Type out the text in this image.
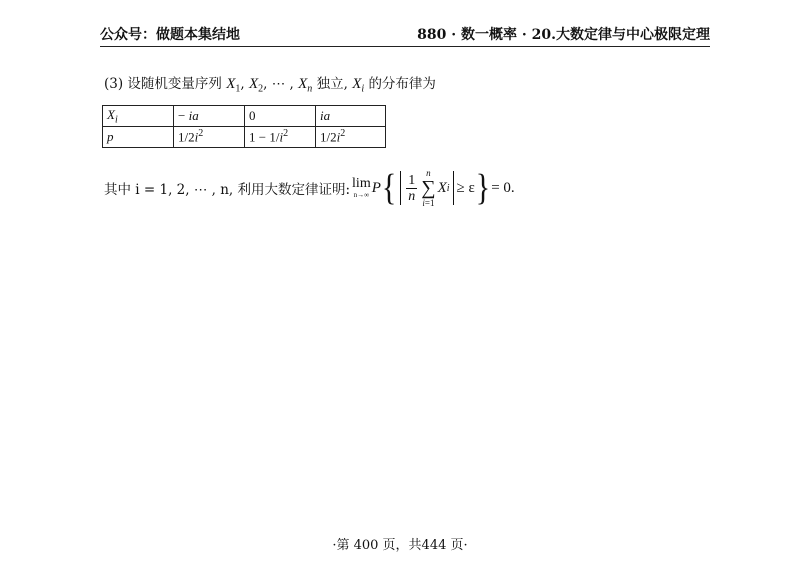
公众号：做题本集结地	880 · 数一概率 · 20.大数定律与中心极限定理
(3) 设随机变量序列 $X_1$, $X_2$, ⋯ , $X_n$ 独立, $X_i$ 的分布律为
$X_i$	− ia	0	ia
p	$1/2i^2$	$1 - 1/i^2$	$1/2i^2$
其中 i = 1, 2, ⋯ , n, 利用大数定律证明: lim
n→∞ P { $\frac{1}{n}$ n
∑
i=1
X i ≥ ε } = 0.
·第 400 页，共444 页·
